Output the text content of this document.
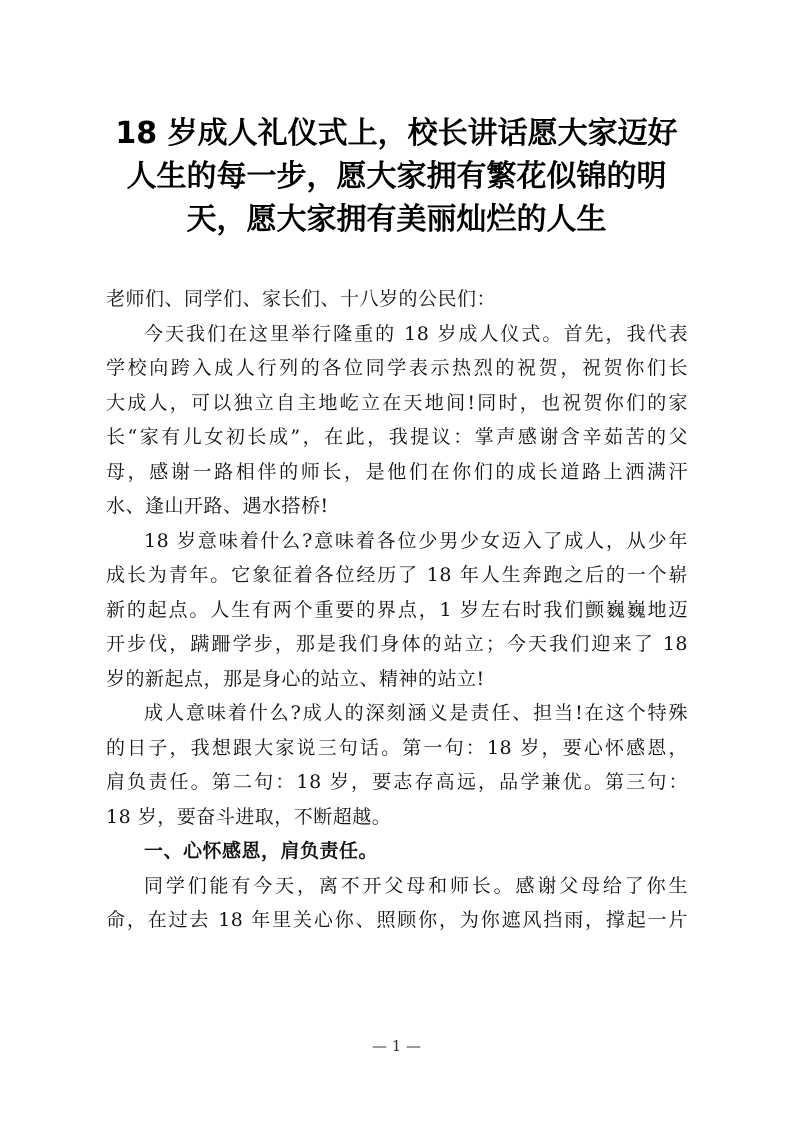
18 岁成人礼仪式上，校长讲话愿大家迈好
人生的每一步，愿大家拥有繁花似锦的明
天，愿大家拥有美丽灿烂的人生
老师们、同学们、家长们、十八岁的公民们：
今天我们在这里举行隆重的 18 岁成人仪式。首先，我代表
学校向跨入成人行列的各位同学表示热烈的祝贺，祝贺你们长
大成人，可以独立自主地屹立在天地间!同时，也祝贺你们的家
长“家有儿女初长成”，在此，我提议：掌声感谢含辛茹苦的父
母，感谢一路相伴的师长，是他们在你们的成长道路上洒满汗
水、逢山开路、遇水搭桥!
18 岁意味着什么?意味着各位少男少女迈入了成人，从少年
成长为青年。它象征着各位经历了 18 年人生奔跑之后的一个崭
新的起点。人生有两个重要的界点，1 岁左右时我们颤巍巍地迈
开步伐，蹒跚学步，那是我们身体的站立；今天我们迎来了 18
岁的新起点，那是身心的站立、精神的站立!
成人意味着什么?成人的深刻涵义是责任、担当!在这个特殊
的日子，我想跟大家说三句话。第一句：18 岁，要心怀感恩，
肩负责任。第二句：18 岁，要志存高远，品学兼优。第三句：
18 岁，要奋斗进取，不断超越。
一、心怀感恩，肩负责任。
同学们能有今天，离不开父母和师长。感谢父母给了你生
命，在过去 18 年里关心你、照顾你，为你遮风挡雨，撑起一片
— 1 —
